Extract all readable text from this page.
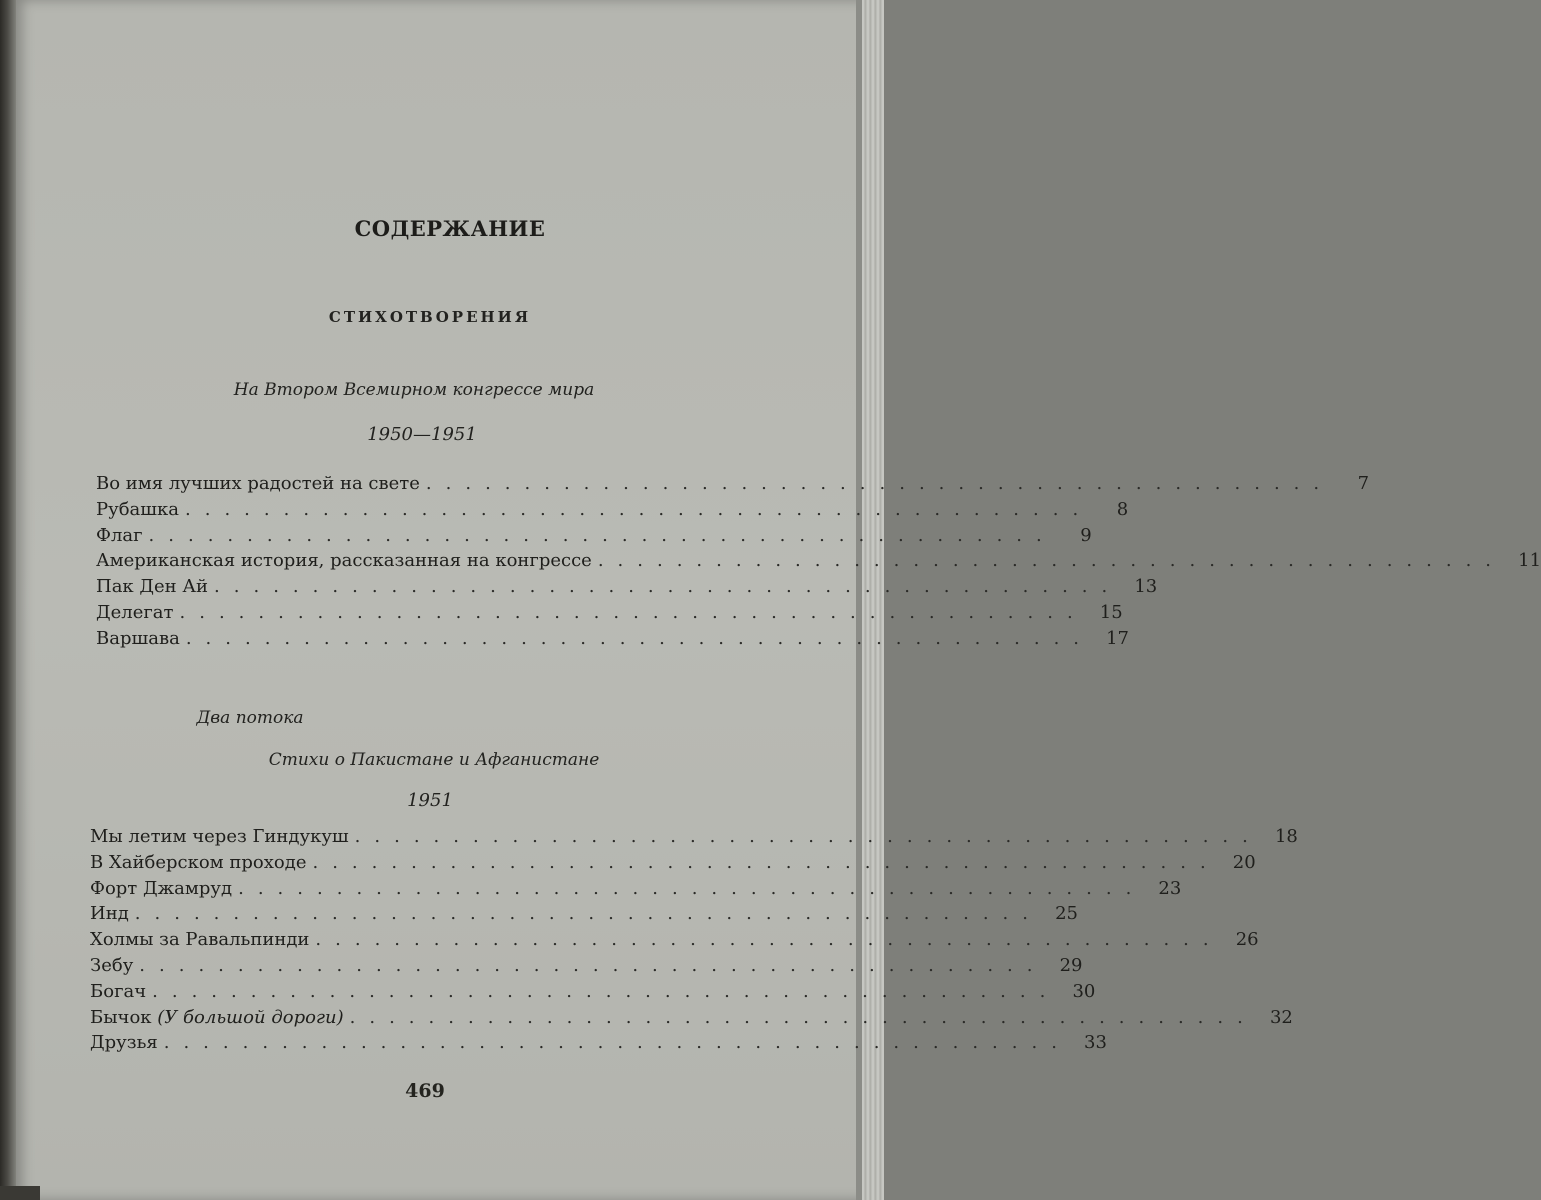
СОДЕРЖАНИЕ
СТИХОТВОРЕНИЯ
На Втором Всемирном конгрессе мира
1950—1951
Во имя лучших радостей на свете ..............................................	7
Рубашка ..............................................	8
Флаг ..............................................	9
Американская история, рассказанная на конгрессе .............................................. 11
Пак Ден Ай .............................................. 13
Делегат .............................................. 15
Варшава .............................................. 17
Два потока
Стихи о Пакистане и Афганистане
1951
Мы летим через Гиндукуш .............................................. 18
В Хайберском проходе .............................................. 20
Форт Джамруд .............................................. 23
Инд .............................................. 25
Холмы за Равальпинди .............................................. 26
Зебу .............................................. 29
Богач .............................................. 30
Бычок (У большой дороги) .............................................. 32
Друзья .............................................. 33
469
